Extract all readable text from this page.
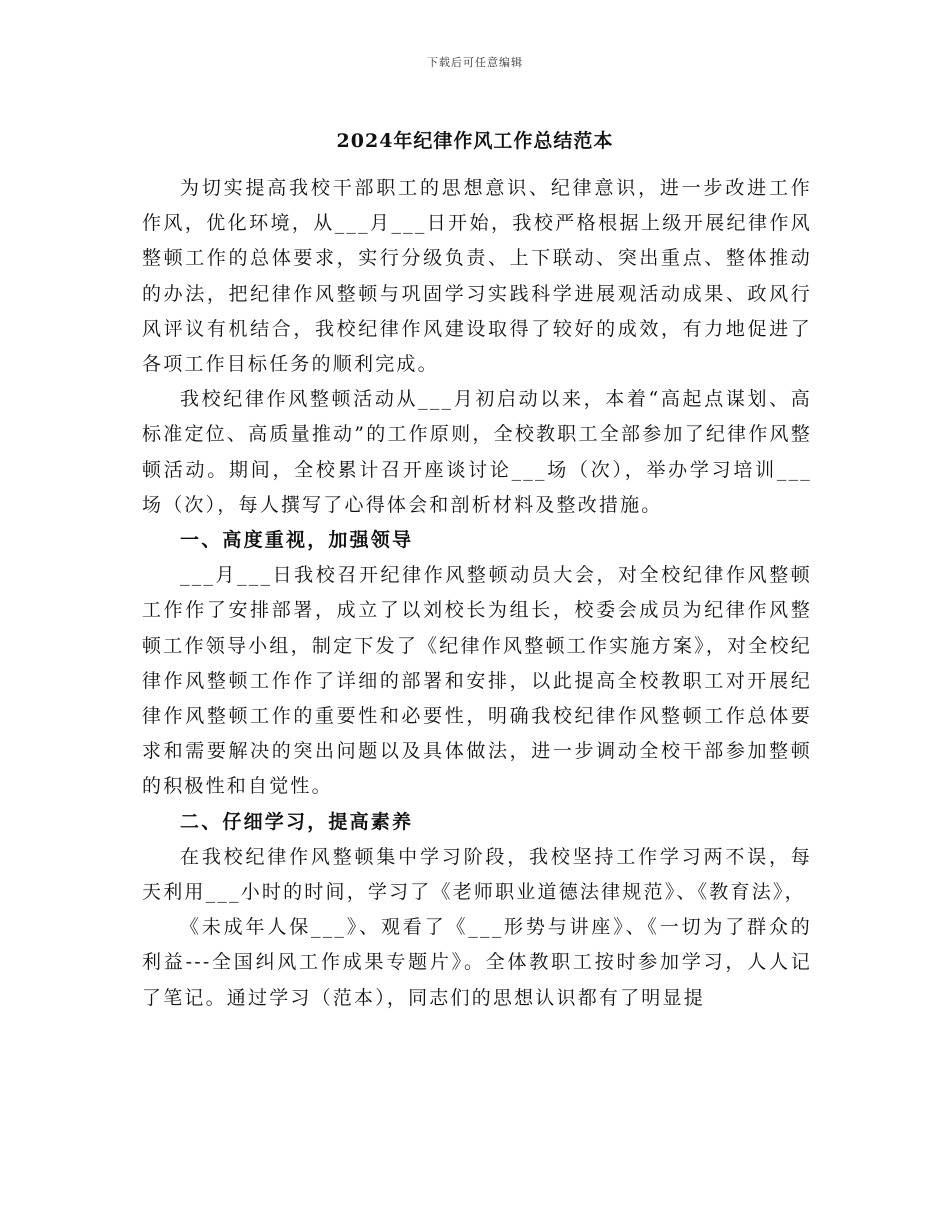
下载后可任意编辑
2024年纪律作风工作总结范本

为切实提高我校干部职工的思想意识、纪律意识，进一步改进工作作风，优化环境，从___月___日开始，我校严格根据上级开展纪律作风整顿工作的总体要求，实行分级负责、上下联动、突出重点、整体推动的办法，把纪律作风整顿与巩固学习实践科学进展观活动成果、政风行风评议有机结合，我校纪律作风建设取得了较好的成效，有力地促进了各项工作目标任务的顺利完成。

我校纪律作风整顿活动从___月初启动以来，本着“高起点谋划、高标准定位、高质量推动”的工作原则，全校教职工全部参加了纪律作风整顿活动。期间，全校累计召开座谈讨论___场（次），举办学习培训___场（次），每人撰写了心得体会和剖析材料及整改措施。

一、高度重视，加强领导

___月___日我校召开纪律作风整顿动员大会，对全校纪律作风整顿工作作了安排部署，成立了以刘校长为组长，校委会成员为纪律作风整顿工作领导小组，制定下发了《纪律作风整顿工作实施方案》，对全校纪律作风整顿工作作了详细的部署和安排，以此提高全校教职工对开展纪律作风整顿工作的重要性和必要性，明确我校纪律作风整顿工作总体要求和需要解决的突出问题以及具体做法，进一步调动全校干部参加整顿的积极性和自觉性。

二、仔细学习，提高素养

在我校纪律作风整顿集中学习阶段，我校坚持工作学习两不误，每天利用___小时的时间，学习了《老师职业道德法律规范》、《教育法》，

《未成年人保___》、观看了《___形势与讲座》、《一切为了群众的利益---全国纠风工作成果专题片》。全体教职工按时参加学习，人人记了笔记。通过学习（范本），同志们的思想认识都有了明显提
